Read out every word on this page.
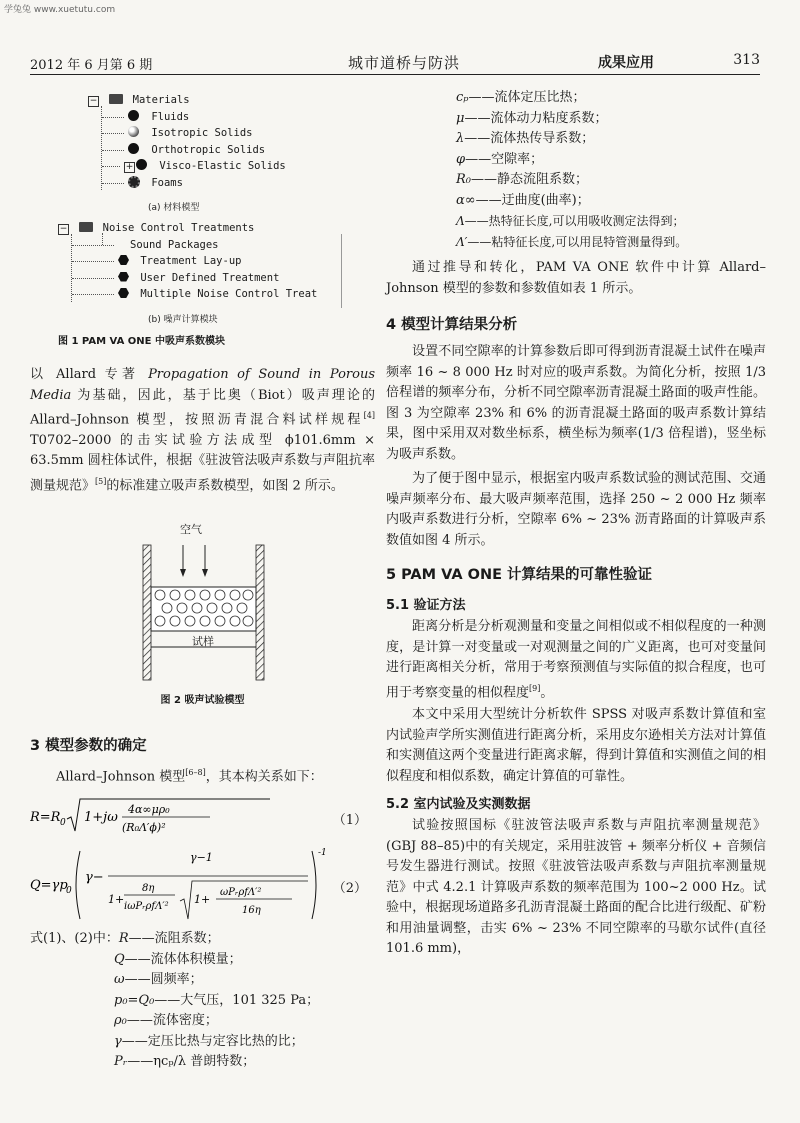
学兔兔 www.xuetutu.com
2012 年 6 月第 6 期	城市道桥与防洪	成果应用	313
−	Materials
Fluids
Isotropic Solids
Orthotropic Solids
+ Visco-Elastic Solids
Foams
(a) 材料模型
−	Noise Control Treatments
Sound Packages
Treatment Lay-up
User Defined Treatment
Multiple Noise Control Treat
(b) 噪声计算模块
图 1 PAM VA ONE 中吸声系数模块

以 Allard 专著 Propagation of Sound in Porous Media 为基础，因此，基于比奥（Biot）吸声理论的 Allard–Johnson 模型，按照沥青混合料试样规程[4] T0702–2000 的击实试验方法成型 ϕ101.6mm × 63.5mm 圆柱体试件，根据《驻波管法吸声系数与声阻抗率测量规范》[5]的标准建立吸声系数模型，如图 2 所示。

空气
试样
图 2 吸声试验模型
3 模型参数的确定

Allard–Johnson 模型[6–8]，其本构关系如下：

R=R 0 1+jω
4α∞μρ₀
(R₀Λ′ϕ)²	（1）
Q=γp
0
γ−
γ−1
1+
8η
iωPᵣρfΛ′²
1+
ωPᵣρfΛ′²
16η
-1
（2）
式(1)、(2)中：R——流阻系数；
Q——流体体积模量；
ω——圆频率；
p₀=Q₀——大气压，101 325 Pa；
ρ₀——流体密度；
γ——定压比热与定容比热的比；
Pᵣ——ηcₚ/λ 普朗特数；
cₚ——流体定压比热；
μ——流体动力粘度系数；
λ——流体热传导系数；
φ——空隙率；
R₀——静态流阻系数；
α∞——迂曲度(曲率)；
Λ——热特征长度,可以用吸收测定法得到；
Λ′——粘特征长度,可以用昆特管测量得到。

通过推导和转化，PAM VA ONE 软件中计算 Allard–Johnson 模型的参数和参数值如表 1 所示。

4 模型计算结果分析

设置不同空隙率的计算参数后即可得到沥青混凝土试件在噪声频率 16 ~ 8 000 Hz 时对应的吸声系数。为简化分析，按照 1/3 倍程谱的频率分布，分析不同空隙率沥青混凝土路面的吸声性能。图 3 为空隙率 23% 和 6% 的沥青混凝土路面的吸声系数计算结果，图中采用双对数坐标系，横坐标为频率(1/3 倍程谱)，竖坐标为吸声系数。

为了便于图中显示，根据室内吸声系数试验的测试范围、交通噪声频率分布、最大吸声频率范围，选择 250 ~ 2 000 Hz 频率内吸声系数进行分析，空隙率 6% ~ 23% 沥青路面的计算吸声系数值如图 4 所示。

5 PAM VA ONE 计算结果的可靠性验证
5.1 验证方法

距离分析是分析观测量和变量之间相似或不相似程度的一种测度，是计算一对变量或一对观测量之间的广义距离，也可对变量间进行距离相关分析，常用于考察预测值与实际值的拟合程度，也可用于考察变量的相似程度[9]。

本文中采用大型统计分析软件 SPSS 对吸声系数计算值和室内试验声学所实测值进行距离分析，采用皮尔逊相关方法对计算值和实测值这两个变量进行距离求解，得到计算值和实测值之间的相似程度和相似系数，确定计算值的可靠性。

5.2 室内试验及实测数据

试验按照国标《驻波管法吸声系数与声阻抗率测量规范》(GBJ 88–85)中的有关规定，采用驻波管 + 频率分析仪 + 音频信号发生器进行测试。按照《驻波管法吸声系数与声阻抗率测量规范》中式 4.2.1 计算吸声系数的频率范围为 100~2 000 Hz。试验中，根据现场道路多孔沥青混凝土路面的配合比进行级配、矿粉和用油量调整，击实 6% ~ 23% 不同空隙率的马歇尔试件(直径 101.6 mm)，
